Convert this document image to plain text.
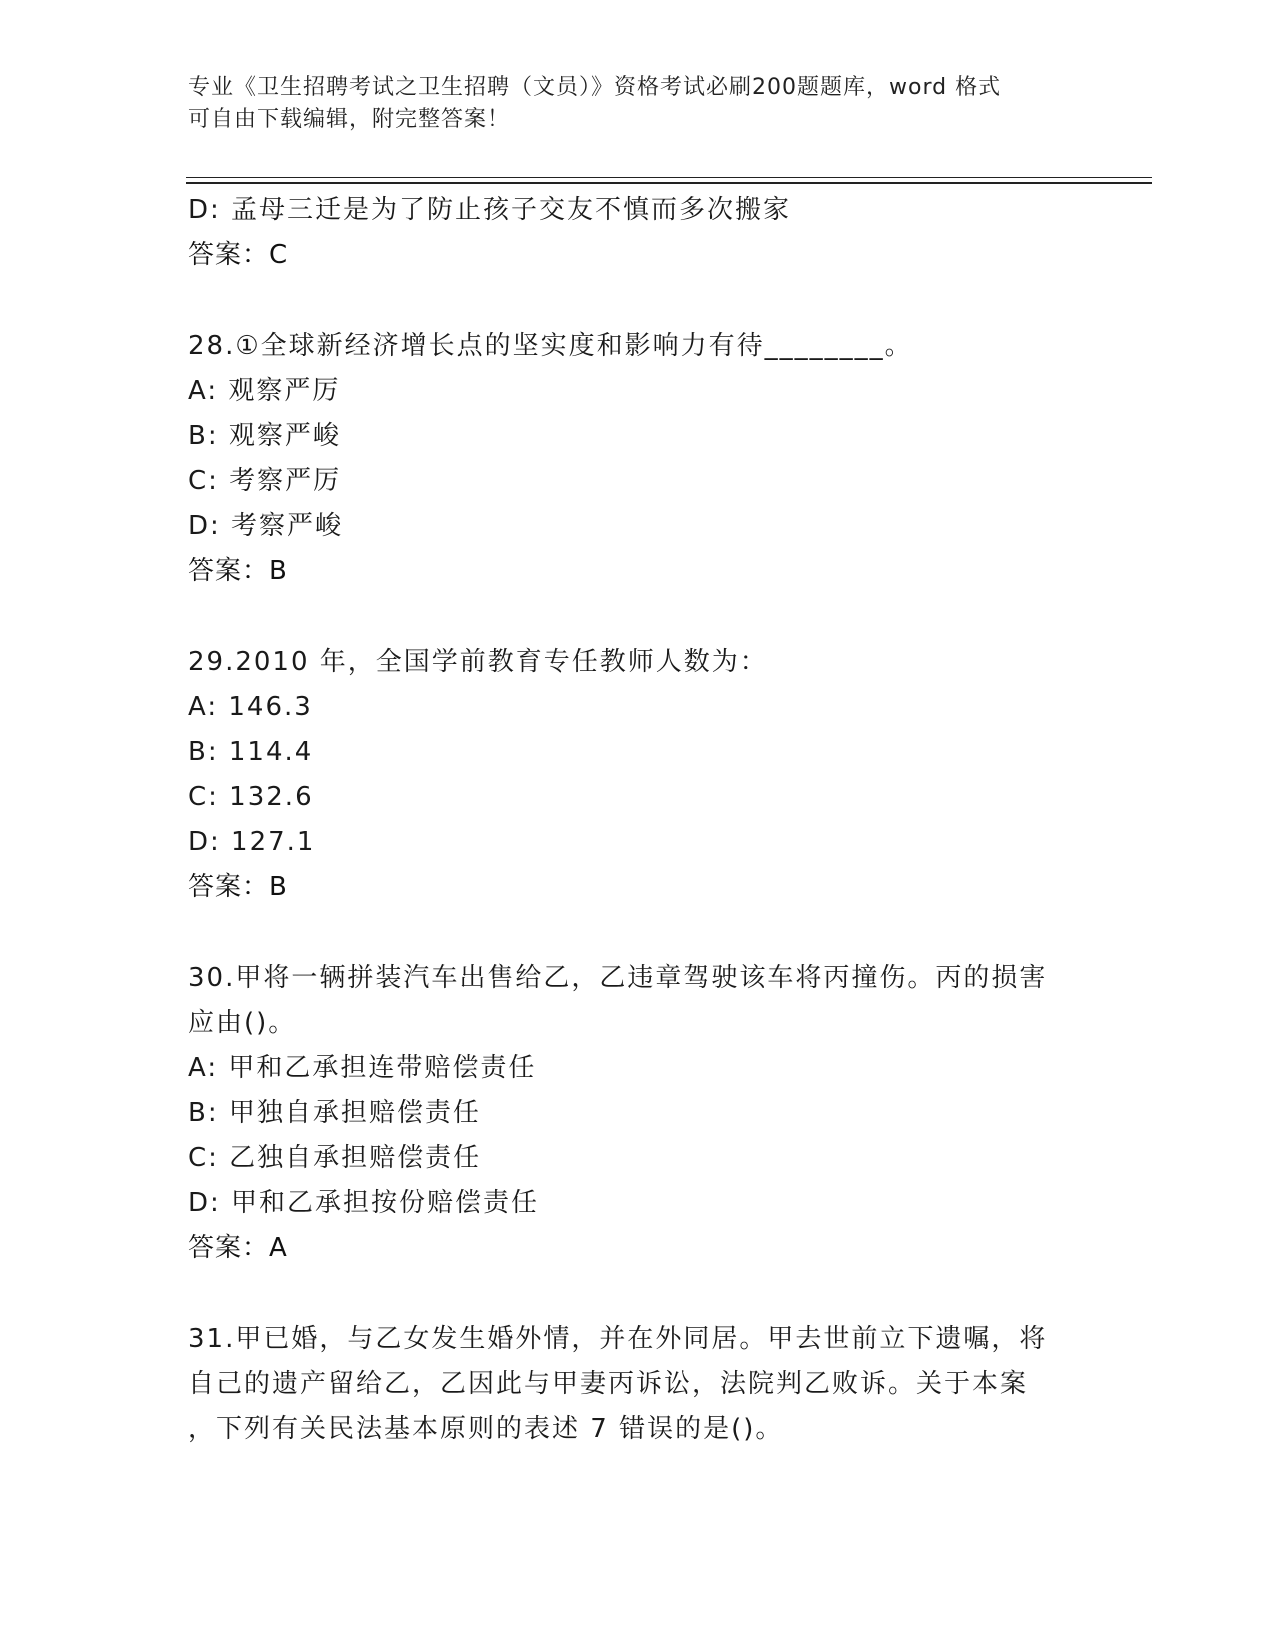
专业《卫生招聘考试之卫生招聘（文员）》资格考试必刷200题题库，word 格式
可自由下载编辑，附完整答案！
D: 孟母三迁是为了防止孩子交友不慎而多次搬家
答案：C
28.①全球新经济增长点的坚实度和影响力有待________。
A: 观察严厉
B: 观察严峻
C: 考察严厉
D: 考察严峻
答案：B
29.2010 年，全国学前教育专任教师人数为：
A: 146.3
B: 114.4
C: 132.6
D: 127.1
答案：B
30.甲将一辆拼装汽车出售给乙，乙违章驾驶该车将丙撞伤。丙的损害
应由()。
A: 甲和乙承担连带赔偿责任
B: 甲独自承担赔偿责任
C: 乙独自承担赔偿责任
D: 甲和乙承担按份赔偿责任
答案：A
31.甲已婚，与乙女发生婚外情，并在外同居。甲去世前立下遗嘱，将
自己的遗产留给乙，乙因此与甲妻丙诉讼，法院判乙败诉。关于本案
，下列有关民法基本原则的表述 7 错误的是()。
